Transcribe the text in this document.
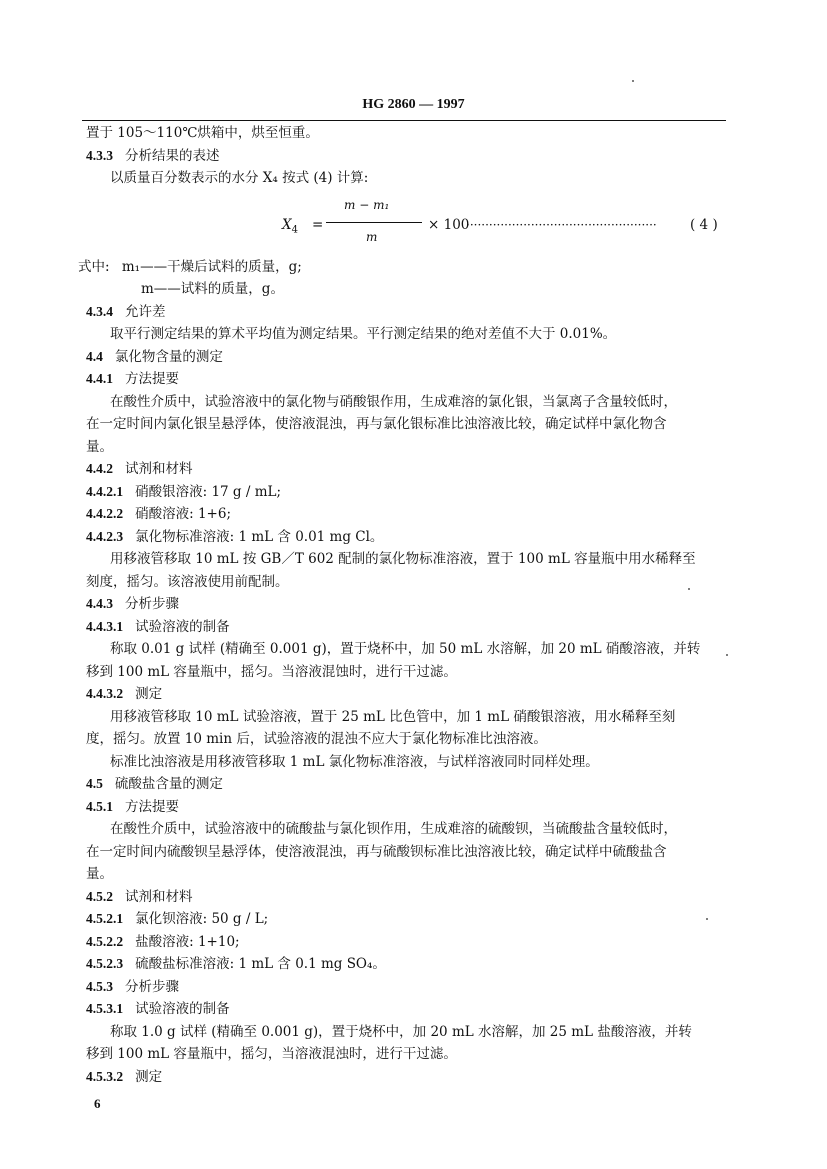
HG 2860 — 1997
置于 105～110℃烘箱中，烘至恒重。
4.3.3 分析结果的表述
以质量百分数表示的水分 X₄ 按式 (4) 计算:
$X_4$ =
m − m₁
m
× 100
·················································· ( 4 )
式中: m₁——干燥后试料的质量，g;
m——试料的质量，g。
4.3.4 允许差
取平行测定结果的算术平均值为测定结果。平行测定结果的绝对差值不大于 0.01%。
4.4 氯化物含量的测定
4.4.1 方法提要
在酸性介质中，试验溶液中的氯化物与硝酸银作用，生成难溶的氯化银，当氯离子含量较低时，
在一定时间内氯化银呈悬浮体，使溶液混浊，再与氯化银标准比浊溶液比较，确定试样中氯化物含
量。
4.4.2 试剂和材料
4.4.2.1 硝酸银溶液: 17 g / mL;
4.4.2.2 硝酸溶液: 1+6;
4.4.2.3 氯化物标准溶液: 1 mL 含 0.01 mg Cl。
用移液管移取 10 mL 按 GB／T 602 配制的氯化物标准溶液，置于 100 mL 容量瓶中用水稀释至
刻度，摇匀。该溶液使用前配制。
4.4.3 分析步骤
4.4.3.1 试验溶液的制备
称取 0.01 g 试样 (精确至 0.001 g)，置于烧杯中，加 50 mL 水溶解，加 20 mL 硝酸溶液，并转
移到 100 mL 容量瓶中，摇匀。当溶液混蚀时，进行干过滤。
4.4.3.2 测定
用移液管移取 10 mL 试验溶液，置于 25 mL 比色管中，加 1 mL 硝酸银溶液，用水稀释至刻
度，摇匀。放置 10 min 后，试验溶液的混浊不应大于氯化物标准比浊溶液。
标准比浊溶液是用移液管移取 1 mL 氯化物标准溶液，与试样溶液同时同样处理。
4.5 硫酸盐含量的测定
4.5.1 方法提要
在酸性介质中，试验溶液中的硫酸盐与氯化钡作用，生成难溶的硫酸钡，当硫酸盐含量较低时，
在一定时间内硫酸钡呈悬浮体，使溶液混浊，再与硫酸钡标准比浊溶液比较，确定试样中硫酸盐含
量。
4.5.2 试剂和材料
4.5.2.1 氯化钡溶液: 50 g / L;
4.5.2.2 盐酸溶液: 1+10;
4.5.2.3 硫酸盐标准溶液: 1 mL 含 0.1 mg SO₄。
4.5.3 分析步骤
4.5.3.1 试验溶液的制备
称取 1.0 g 试样 (精确至 0.001 g)，置于烧杯中，加 20 mL 水溶解，加 25 mL 盐酸溶液，并转
移到 100 mL 容量瓶中，摇匀，当溶液混浊时，进行干过滤。
4.5.3.2 测定
6
